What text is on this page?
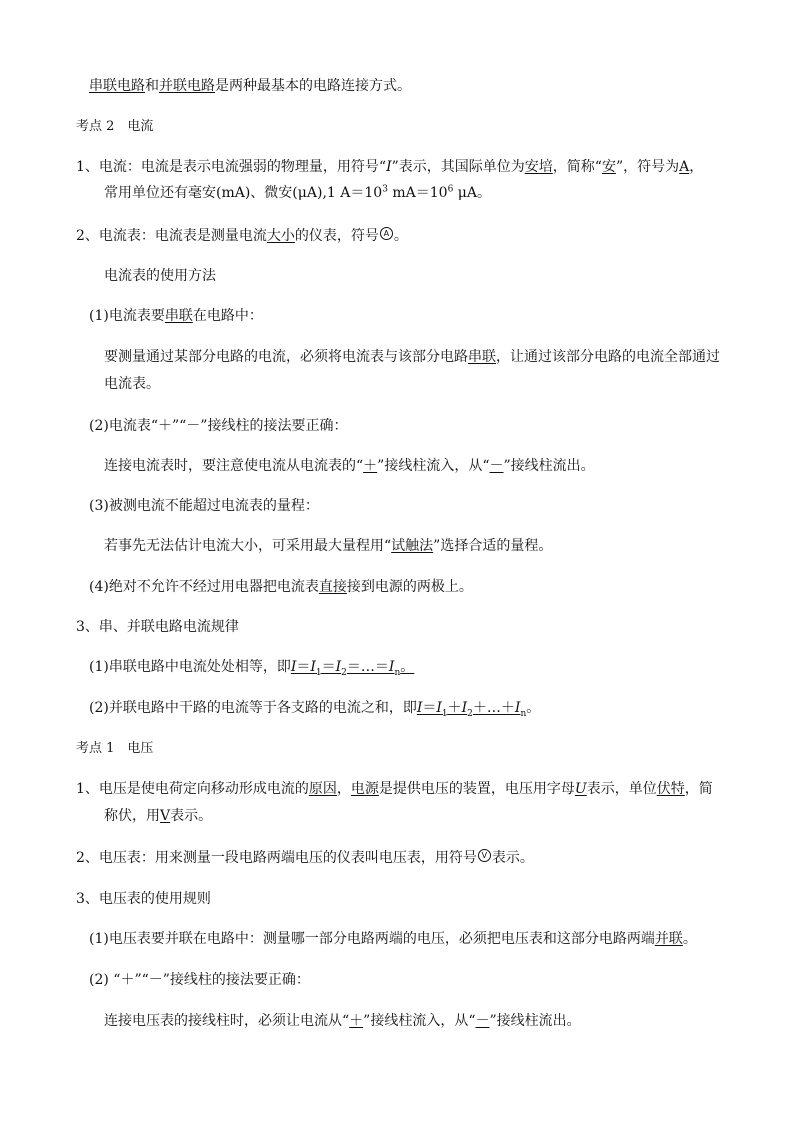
串联电路和并联电路是两种最基本的电路连接方式。
考点 2　电流
1、电流：电流是表示电流强弱的物理量，用符号“I”表示，其国际单位为安培，简称“安”，符号为A，
常用单位还有毫安(mA)、微安(μA),1 $A=10^3$ $mA=10^6$ μA。
2、电流表：电流表是测量电流大小的仪表，符号 A 。
电流表的使用方法
(1)电流表要串联在电路中：
要测量通过某部分电路的电流，必须将电流表与该部分电路串联，让通过该部分电路的电流全部通过
电流表。
(2)电流表“＋”“－”接线柱的接法要正确：
连接电流表时，要注意使电流从电流表的“＋”接线柱流入，从“－”接线柱流出。
(3)被测电流不能超过电流表的量程：
若事先无法估计电流大小，可采用最大量程用“试触法”选择合适的量程。
(4)绝对不允许不经过用电器把电流表直接接到电源的两极上。
3、串、并联电路电流规律
(1)串联电路中电流处处相等，即$I=I_1=I_2=\dots=I_n$。
(2)并联电路中干路的电流等于各支路的电流之和，即$I=I_1+I_2+\dots+I_n$。
考点 1　电压
1、电压是使电荷定向移动形成电流的原因，电源是提供电压的装置，电压用字母U表示，单位伏特，简
称伏，用V表示。
2、电压表：用来测量一段电路两端电压的仪表叫电压表，用符号 V 表示。
3、电压表的使用规则
(1)电压表要并联在电路中：测量哪一部分电路两端的电压，必须把电压表和这部分电路两端并联。
(2) “＋”“－”接线柱的接法要正确：
连接电压表的接线柱时，必须让电流从“＋”接线柱流入，从“－”接线柱流出。
